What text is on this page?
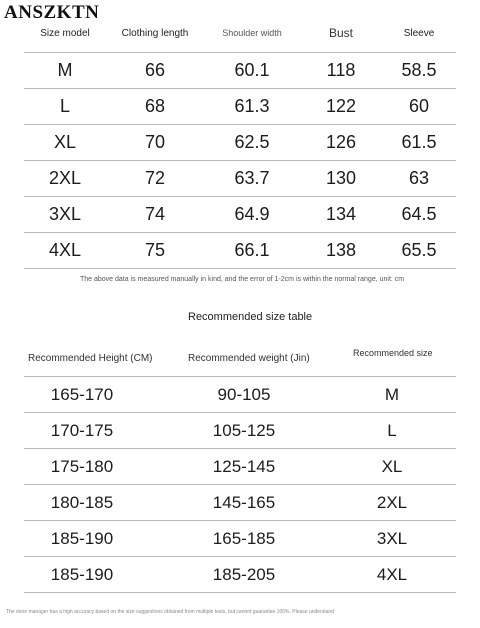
ANSZKTN
Size model	Clothing length	Shoulder width	Bust	Sleeve
M	66	60.1	118	58.5
L	68	61.3	122	60
XL	70	62.5	126	61.5
2XL	72	63.7	130	63
3XL	74	64.9	134	64.5
4XL	75	66.1	138	65.5
The above data is measured manually in kind, and the error of 1-2cm is within the normal range, unit: cm
Recommended size table
Recommended Height (CM)	Recommended weight (Jin)	Recommended size
165-170	90-105	M
170-175	105-125	L
175-180	125-145	XL
180-185	145-165	2XL
185-190	165-185	3XL
185-190	185-205	4XL
The store manager has a high accuracy based on the size suggestions obtained from multiple tests, but cannot guarantee 100%. Please understand
